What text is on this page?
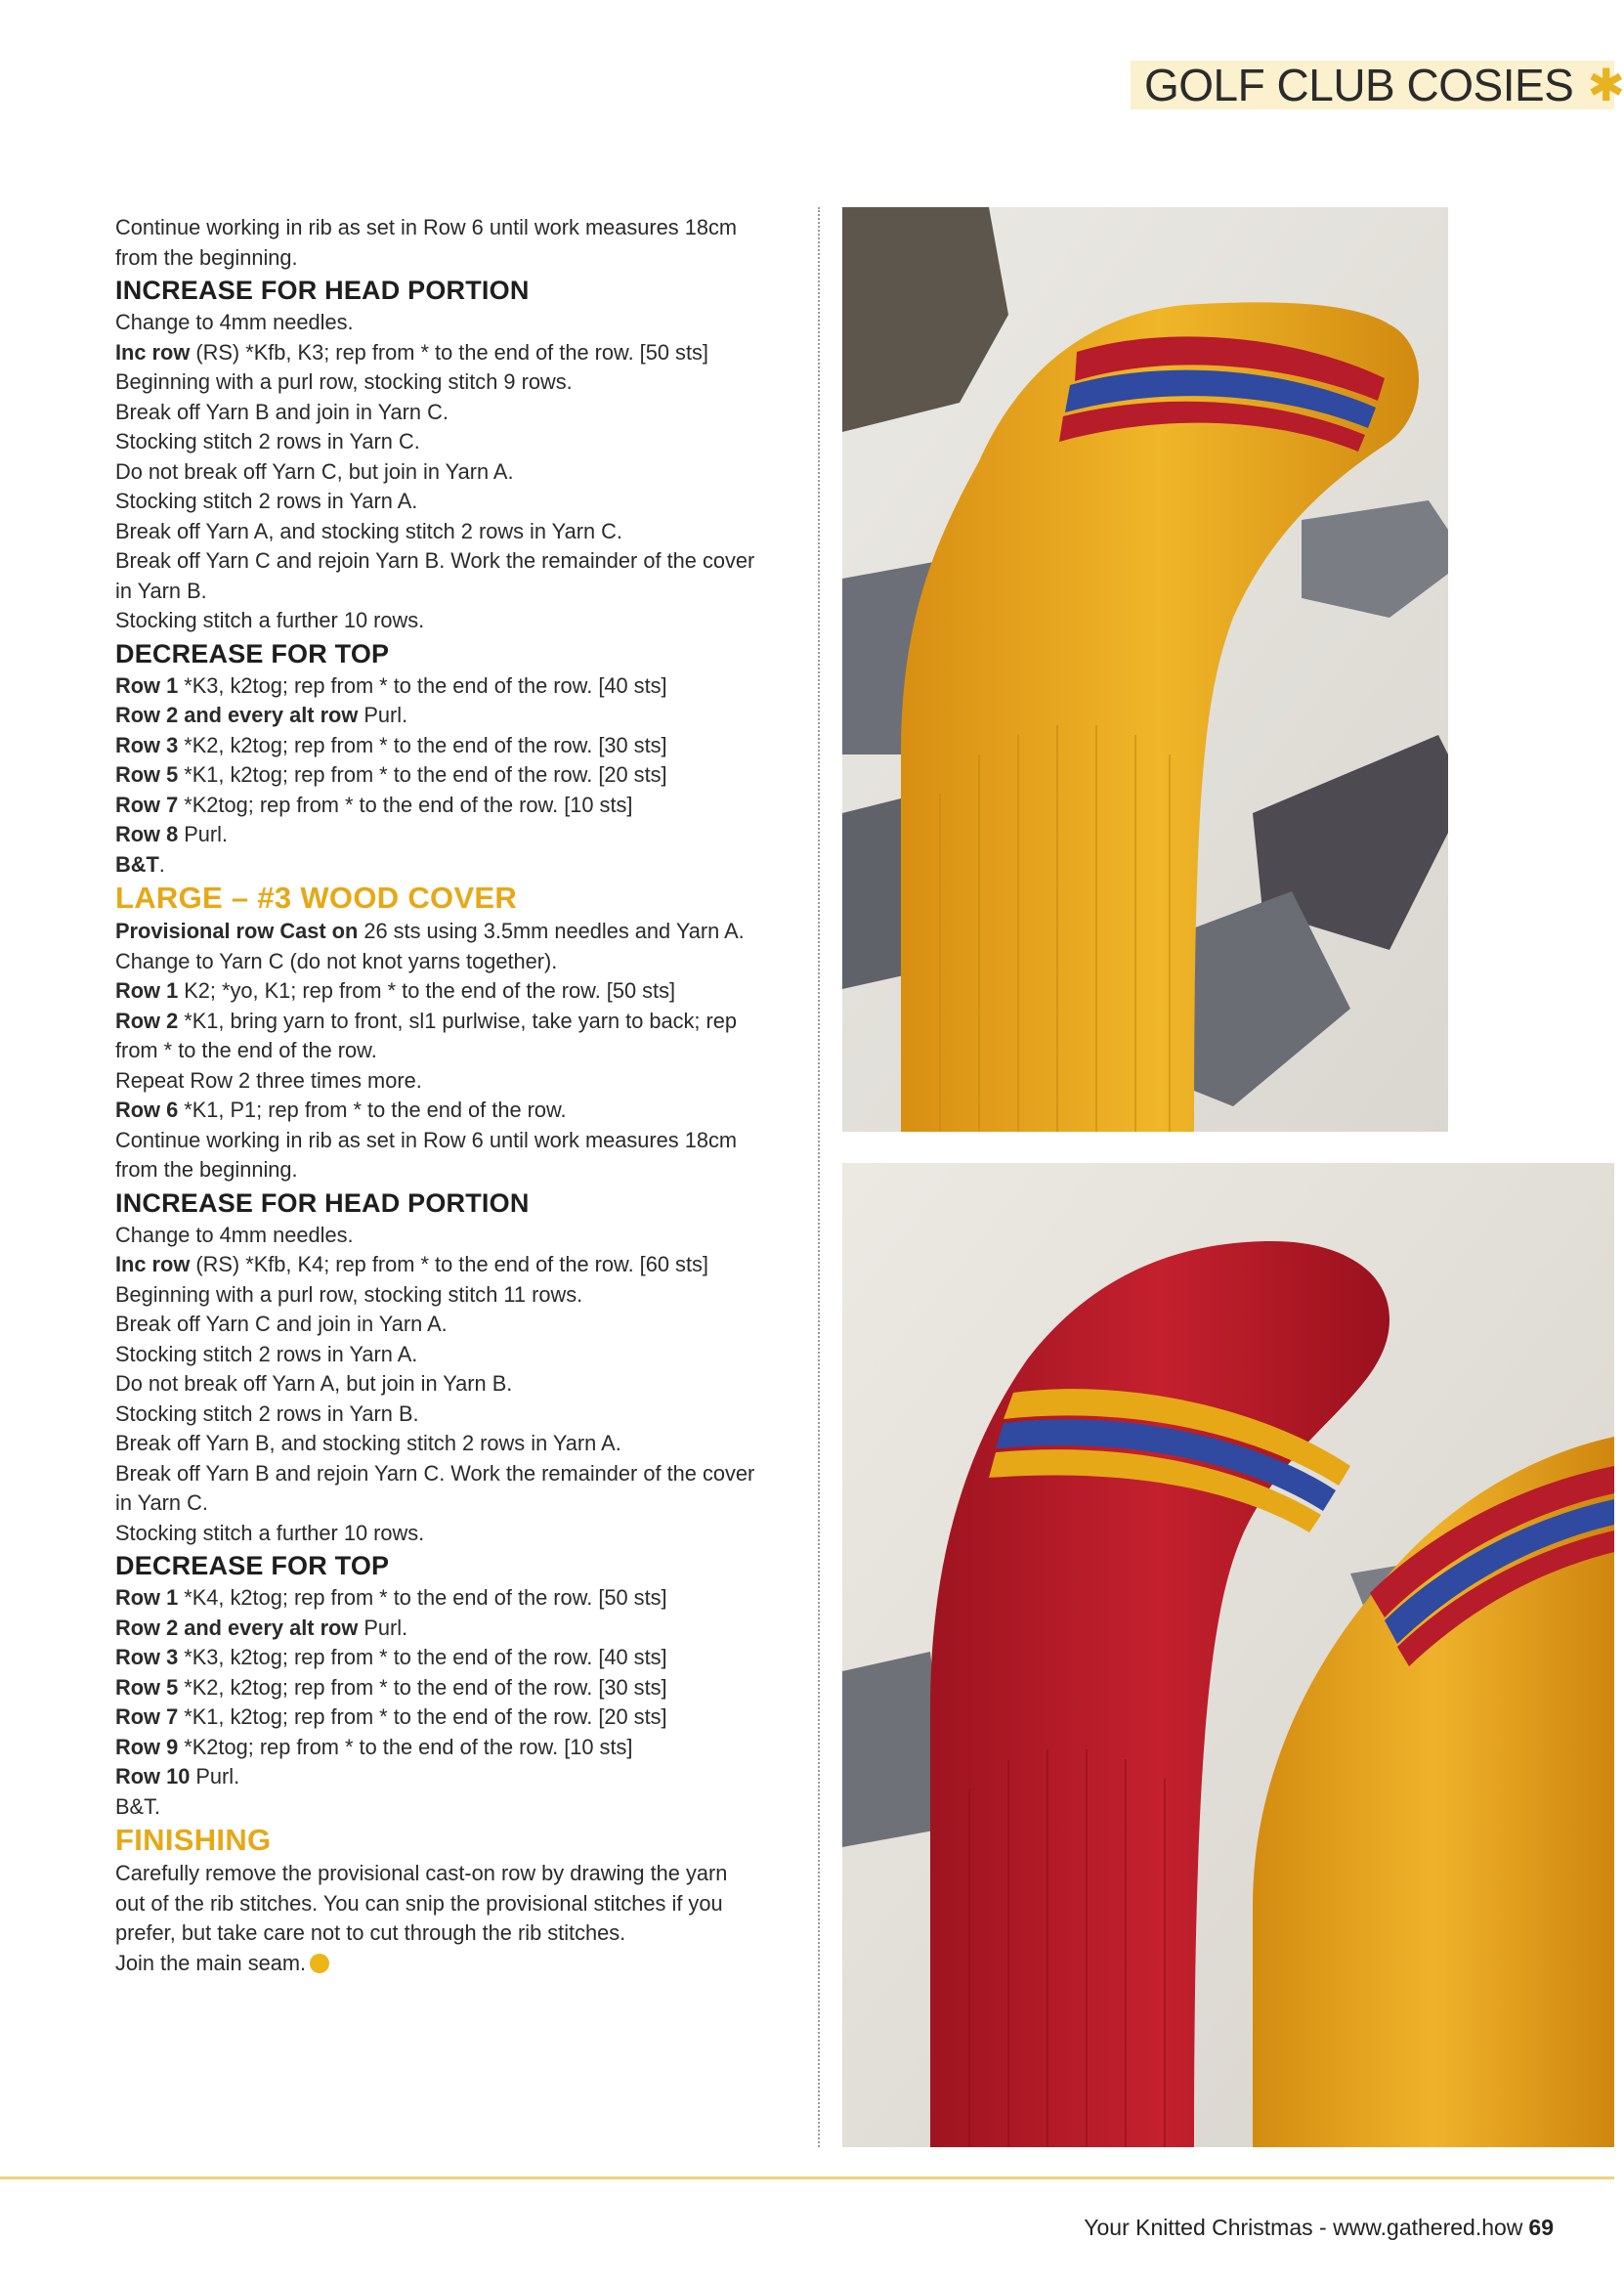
GOLF CLUB COSIES ✱
Continue working in rib as set in Row 6 until work measures 18cm
from the beginning.
INCREASE FOR HEAD PORTION
Change to 4mm needles.
Inc row (RS) *Kfb, K3; rep from * to the end of the row. [50 sts]
Beginning with a purl row, stocking stitch 9 rows.
Break off Yarn B and join in Yarn C.
Stocking stitch 2 rows in Yarn C.
Do not break off Yarn C, but join in Yarn A.
Stocking stitch 2 rows in Yarn A.
Break off Yarn A, and stocking stitch 2 rows in Yarn C.
Break off Yarn C and rejoin Yarn B. Work the remainder of the cover
in Yarn B.
Stocking stitch a further 10 rows.
DECREASE FOR TOP
Row 1 *K3, k2tog; rep from * to the end of the row. [40 sts]
Row 2 and every alt row Purl.
Row 3 *K2, k2tog; rep from * to the end of the row. [30 sts]
Row 5 *K1, k2tog; rep from * to the end of the row. [20 sts]
Row 7 *K2tog; rep from * to the end of the row. [10 sts]
Row 8 Purl.
B&T.
LARGE – #3 WOOD COVER
Provisional row Cast on 26 sts using 3.5mm needles and Yarn A.
Change to Yarn C (do not knot yarns together).
Row 1 K2; *yo, K1; rep from * to the end of the row. [50 sts]
Row 2 *K1, bring yarn to front, sl1 purlwise, take yarn to back; rep
from * to the end of the row.
Repeat Row 2 three times more.
Row 6 *K1, P1; rep from * to the end of the row.
Continue working in rib as set in Row 6 until work measures 18cm
from the beginning.
INCREASE FOR HEAD PORTION
Change to 4mm needles.
Inc row (RS) *Kfb, K4; rep from * to the end of the row. [60 sts]
Beginning with a purl row, stocking stitch 11 rows.
Break off Yarn C and join in Yarn A.
Stocking stitch 2 rows in Yarn A.
Do not break off Yarn A, but join in Yarn B.
Stocking stitch 2 rows in Yarn B.
Break off Yarn B, and stocking stitch 2 rows in Yarn A.
Break off Yarn B and rejoin Yarn C. Work the remainder of the cover
in Yarn C.
Stocking stitch a further 10 rows.
DECREASE FOR TOP
Row 1 *K4, k2tog; rep from * to the end of the row. [50 sts]
Row 2 and every alt row Purl.
Row 3 *K3, k2tog; rep from * to the end of the row. [40 sts]
Row 5 *K2, k2tog; rep from * to the end of the row. [30 sts]
Row 7 *K1, k2tog; rep from * to the end of the row. [20 sts]
Row 9 *K2tog; rep from * to the end of the row. [10 sts]
Row 10 Purl.
B&T.
FINISHING
Carefully remove the provisional cast-on row by drawing the yarn
out of the rib stitches. You can snip the provisional stitches if you
prefer, but take care not to cut through the rib stitches.
Join the main seam.
Your Knitted Christmas - www.gathered.how 69
